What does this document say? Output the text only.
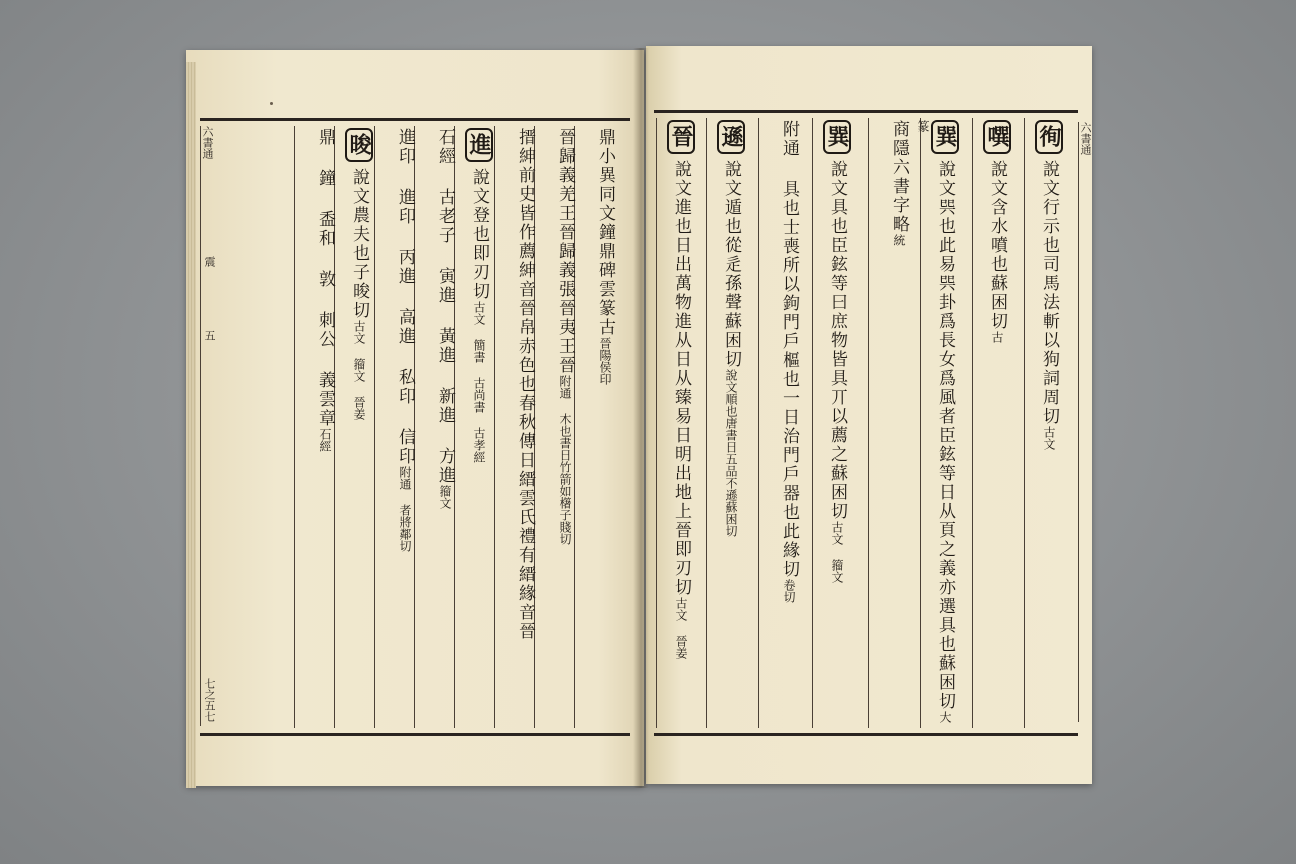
六書通
震
五
七之五七
鼎小異同文鐘鼎碑雲篆古晉陽侯印
晉歸義羌王晉歸義張晉夷王晉附通 木也書日竹箭如櫡子賤切
搢紳前史皆作薦紳音晉帛赤色也春秋傳日縉雲氏禮有縉緣音晉
進說文登也即刃切古文 簡書 古尚書 古孝經
石經 古老子 寅進 黃進 新進 方進籀文
進印 進印 丙進 高進 私印 信印附通 者將鄰切
晙說文農夫也子晙切古文 籀文 晉姜
鼎 鐘 盉和 敦 刺公 義雲章石經
六書通
徇說文行示也司馬法斬以狗詞周切古文
噀說文含水噴也蘇困切古
巽說文巺也此易巺卦爲長女爲風者臣鉉等日从頁之義亦選具也蘇困切大篆
商隱六書字略統
巽說文具也臣鉉等曰庶物皆具丌以薦之蘇困切古文 籀文
附通 具也士喪所以鉤門戶樞也一日治門戶器也此緣切卷切
遜說文遁也從辵孫聲蘇困切說文順也唐書日五品不遜蘇困切
晉說文進也日出萬物進从日从臻易日明出地上晉即刃切古文 晉姜
